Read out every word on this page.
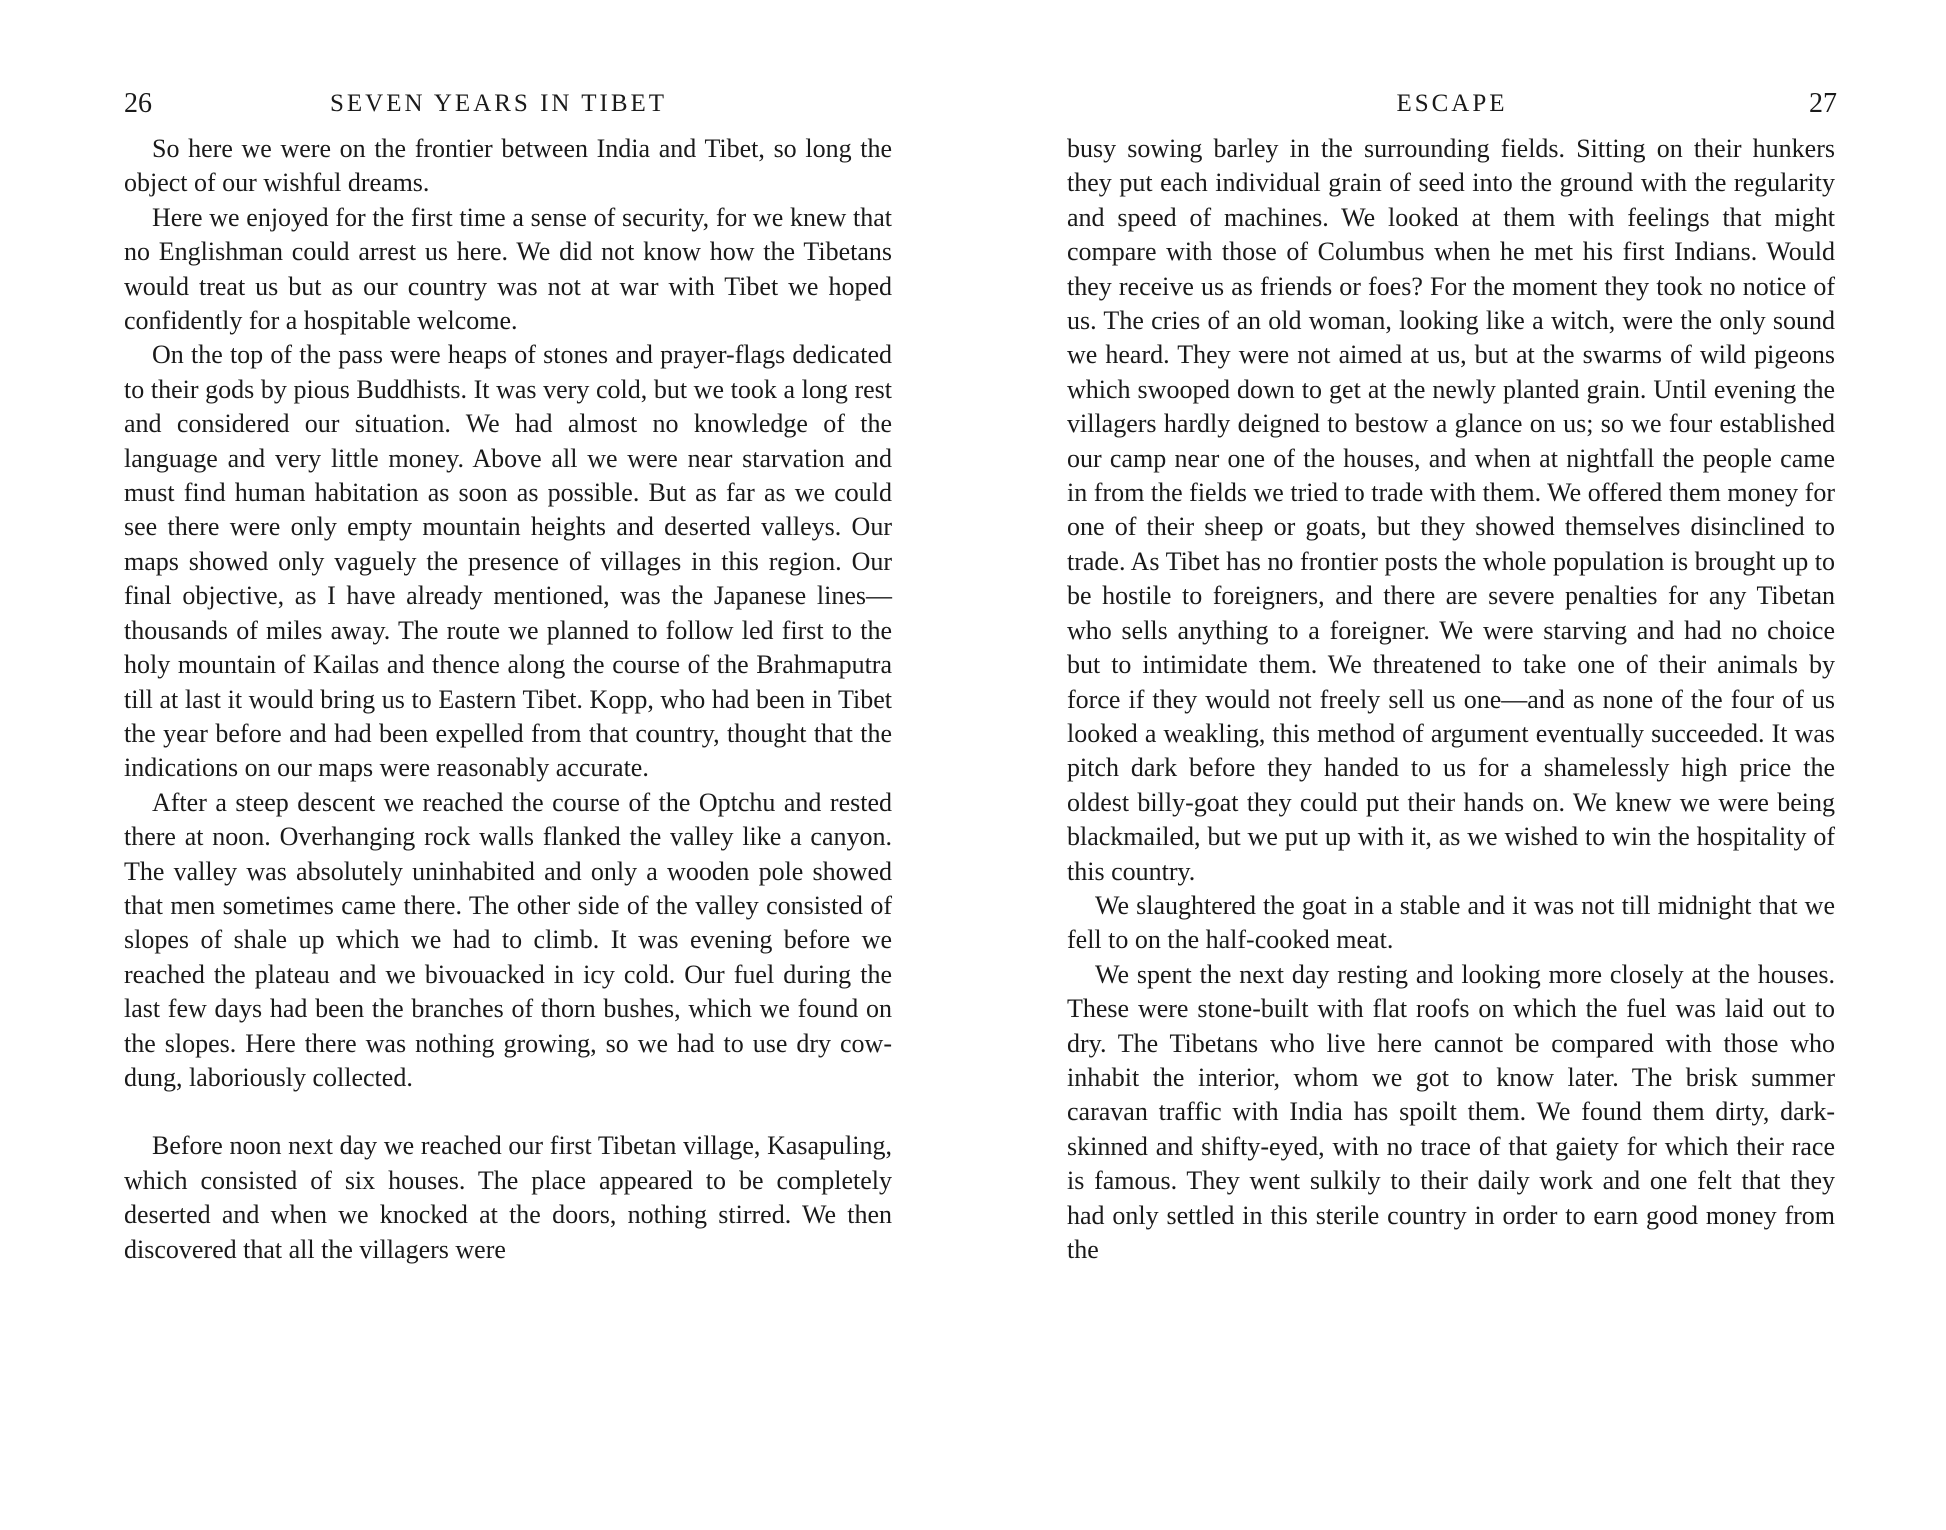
26	SEVEN YEARS IN TIBET

So here we were on the frontier between India and Tibet, so long the object of our wishful dreams.

Here we enjoyed for the first time a sense of security, for we knew that no Englishman could arrest us here. We did not know how the Tibetans would treat us but as our country was not at war with Tibet we hoped confidently for a hospitable welcome.

On the top of the pass were heaps of stones and prayer-flags dedicated to their gods by pious Buddhists. It was very cold, but we took a long rest and considered our situation. We had almost no knowledge of the language and very little money. Above all we were near starvation and must find human habitation as soon as possible. But as far as we could see there were only empty mountain heights and deserted valleys. Our maps showed only vaguely the presence of villages in this region. Our final objective, as I have already mentioned, was the Japanese lines—thousands of miles away. The route we planned to follow led first to the holy mountain of Kailas and thence along the course of the Brahmaputra till at last it would bring us to Eastern Tibet. Kopp, who had been in Tibet the year before and had been expelled from that country, thought that the indications on our maps were reasonably accurate.

After a steep descent we reached the course of the Optchu and rested there at noon. Overhanging rock walls flanked the valley like a canyon. The valley was absolutely uninhabited and only a wooden pole showed that men sometimes came there. The other side of the valley consisted of slopes of shale up which we had to climb. It was evening before we reached the plateau and we bivouacked in icy cold. Our fuel during the last few days had been the branches of thorn bushes, which we found on the slopes. Here there was nothing growing, so we had to use dry cow-dung, laboriously collected.

Before noon next day we reached our first Tibetan village, Kasapuling, which consisted of six houses. The place appeared to be completely deserted and when we knocked at the doors, nothing stirred. We then discovered that all the villagers were

ESCAPE	27

busy sowing barley in the surrounding fields. Sitting on their hunkers they put each individual grain of seed into the ground with the regularity and speed of machines. We looked at them with feelings that might compare with those of Columbus when he met his first Indians. Would they receive us as friends or foes? For the moment they took no notice of us. The cries of an old woman, looking like a witch, were the only sound we heard. They were not aimed at us, but at the swarms of wild pigeons which swooped down to get at the newly planted grain. Until evening the villagers hardly deigned to bestow a glance on us; so we four established our camp near one of the houses, and when at nightfall the people came in from the fields we tried to trade with them. We offered them money for one of their sheep or goats, but they showed themselves disinclined to trade. As Tibet has no frontier posts the whole population is brought up to be hostile to foreigners, and there are severe penalties for any Tibetan who sells anything to a foreigner. We were starving and had no choice but to intimidate them. We threatened to take one of their animals by force if they would not freely sell us one—and as none of the four of us looked a weakling, this method of argument eventually succeeded. It was pitch dark before they handed to us for a shamelessly high price the oldest billy-goat they could put their hands on. We knew we were being blackmailed, but we put up with it, as we wished to win the hospitality of this country.

We slaughtered the goat in a stable and it was not till midnight that we fell to on the half-cooked meat.

We spent the next day resting and looking more closely at the houses. These were stone-built with flat roofs on which the fuel was laid out to dry. The Tibetans who live here cannot be compared with those who inhabit the interior, whom we got to know later. The brisk summer caravan traffic with India has spoilt them. We found them dirty, dark-skinned and shifty-eyed, with no trace of that gaiety for which their race is famous. They went sulkily to their daily work and one felt that they had only settled in this sterile country in order to earn good money from the
